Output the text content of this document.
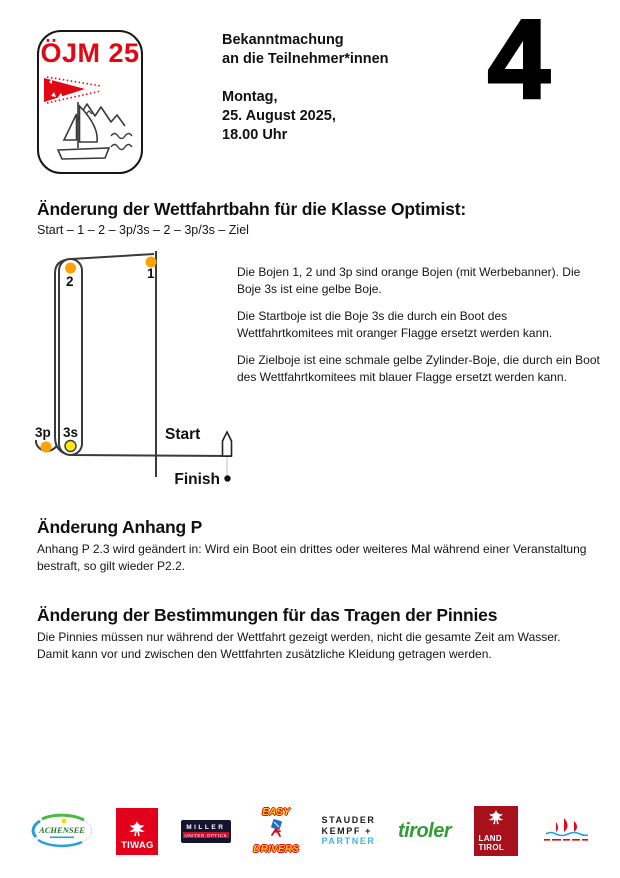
ÖJM 25	Bekanntmachung
an die Teilnehmer*innen
Montag,
25. August 2025,
18.00 Uhr
4
Änderung der Wettfahrtbahn für die Klasse Optimist:
Start – 1 – 2 – 3p/3s – 2 – 3p/3s – Ziel
1
2
3p 3s	Start
Finish

Die Bojen 1, 2 und 3p sind orange Bojen (mit Werbebanner). Die Boje 3s ist eine gelbe Boje.

Die Startboje ist die Boje 3s die durch ein Boot des Wettfahrtkomitees mit oranger Flagge ersetzt werden kann.

Die Zielboje ist eine schmale gelbe Zylinder-Boje, die durch ein Boot des Wettfahrtkomitees mit blauer Flagge ersetzt werden kann.

Änderung Anhang P
Anhang P 2.3 wird geändert in: Wird ein Boot ein drittes oder weiteres Mal während einer Veranstaltung bestraft, so gilt wieder P2.2.
Änderung der Bestimmungen für das Tragen der Pinnies
Die Pinnies müssen nur während der Wettfahrt gezeigt werden, nicht die gesamte Zeit am Wasser. Damit kann vor und zwischen den Wettfahrten zusätzliche Kleidung getragen werden.
ACHENSEE
TIWAG
MILLER
UNITED OPTICS
EASY
DRIVERS
STAUDER
KEMPF +
PARTNER tiroler	LAND
TIROL
